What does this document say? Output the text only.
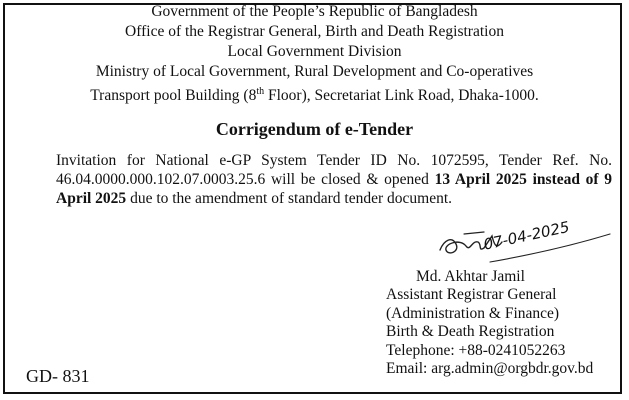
Government of the People’s Republic of Bangladesh
Office of the Registrar General, Birth and Death Registration
Local Government Division
Ministry of Local Government, Rural Development and Co-operatives
Transport pool Building (8th Floor), Secretariat Link Road, Dhaka-1000.
Corrigendum of e-Tender
Invitation for National e-GP System Tender ID No. 1072595, Tender Ref. No. 46.04.0000.000.102.07.0003.25.6 will be closed & opened 13 April 2025 instead of 9 April 2025 due to the amendment of standard tender document.
07-04-2025
Md. Akhtar Jamil
Assistant Registrar General
(Administration & Finance)
Birth & Death Registration
Telephone: +88-0241052263
Email: arg.admin@orgbdr.gov.bd
GD- 831
